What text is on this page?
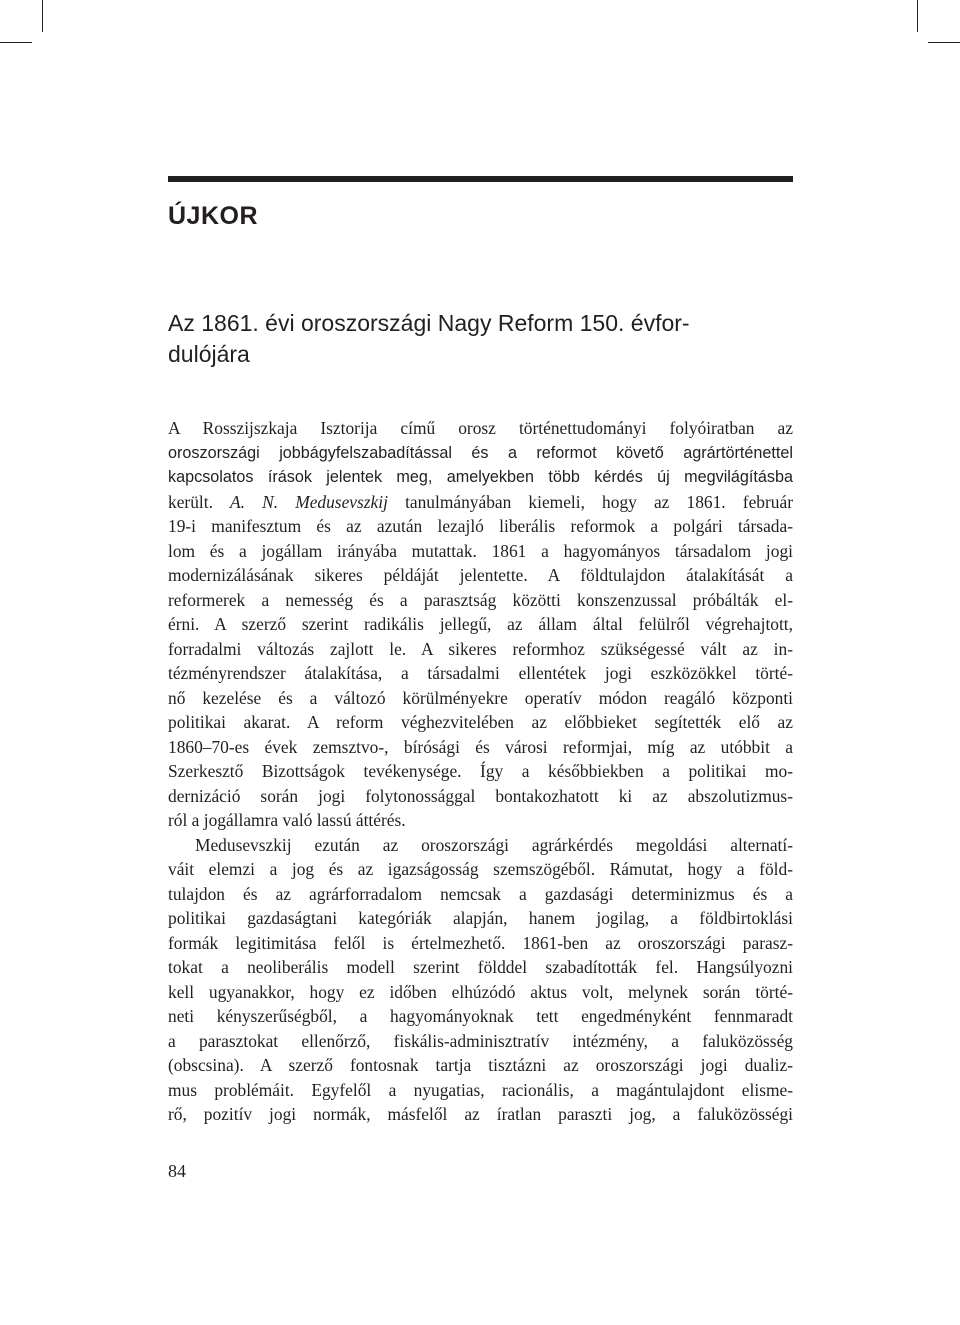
ÚJKOR
Az 1861. évi oroszországi Nagy Reform 150. évfor-
dulójára
A Rosszijszkaja Isztorija című orosz történettudományi folyóiratban az
oroszországi jobbágyfelszabadítással és a reformot követő agrártörténettel
kapcsolatos írások jelentek meg, amelyekben több kérdés új megvilágításba
került. A. N. Medusevszkij tanulmányában kiemeli, hogy az 1861. február
19-i manifesztum és az azután lezajló liberális reformok a polgári társada-
lom és a jogállam irányába mutattak. 1861 a hagyományos társadalom jogi
modernizálásának sikeres példáját jelentette. A földtulajdon átalakítását a
reformerek a nemesség és a parasztság közötti konszenzussal próbálták el-
érni. A szerző szerint radikális jellegű, az állam által felülről végrehajtott,
forradalmi változás zajlott le. A sikeres reformhoz szükségessé vált az in-
tézményrendszer átalakítása, a társadalmi ellentétek jogi eszközökkel törté-
nő kezelése és a változó körülményekre operatív módon reagáló központi
politikai akarat. A reform véghezvitelében az előbbieket segítették elő az
1860–70-es évek zemsztvo-, bírósági és városi reformjai, míg az utóbbit a
Szerkesztő Bizottságok tevékenysége. Így a későbbiekben a politikai mo-
dernizáció során jogi folytonossággal bontakozhatott ki az abszolutizmus-
ról a jogállamra való lassú áttérés.
Medusevszkij ezután az oroszországi agrárkérdés megoldási alternatí-
váit elemzi a jog és az igazságosság szemszögéből. Rámutat, hogy a föld-
tulajdon és az agrárforradalom nemcsak a gazdasági determinizmus és a
politikai gazdaságtani kategóriák alapján, hanem jogilag, a földbirtoklási
formák legitimitása felől is értelmezhető. 1861-ben az oroszországi parasz-
tokat a neoliberális modell szerint földdel szabadították fel. Hangsúlyozni
kell ugyanakkor, hogy ez időben elhúzódó aktus volt, melynek során törté-
neti kényszerűségből, a hagyományoknak tett engedményként fennmaradt
a parasztokat ellenőrző, fiskális-adminisztratív intézmény, a faluközösség
(obscsina). A szerző fontosnak tartja tisztázni az oroszországi jogi dualiz-
mus problémáit. Egyfelől a nyugatias, racionális, a magántulajdont elisme-
rő, pozitív jogi normák, másfelől az íratlan paraszti jog, a faluközösségi
84
